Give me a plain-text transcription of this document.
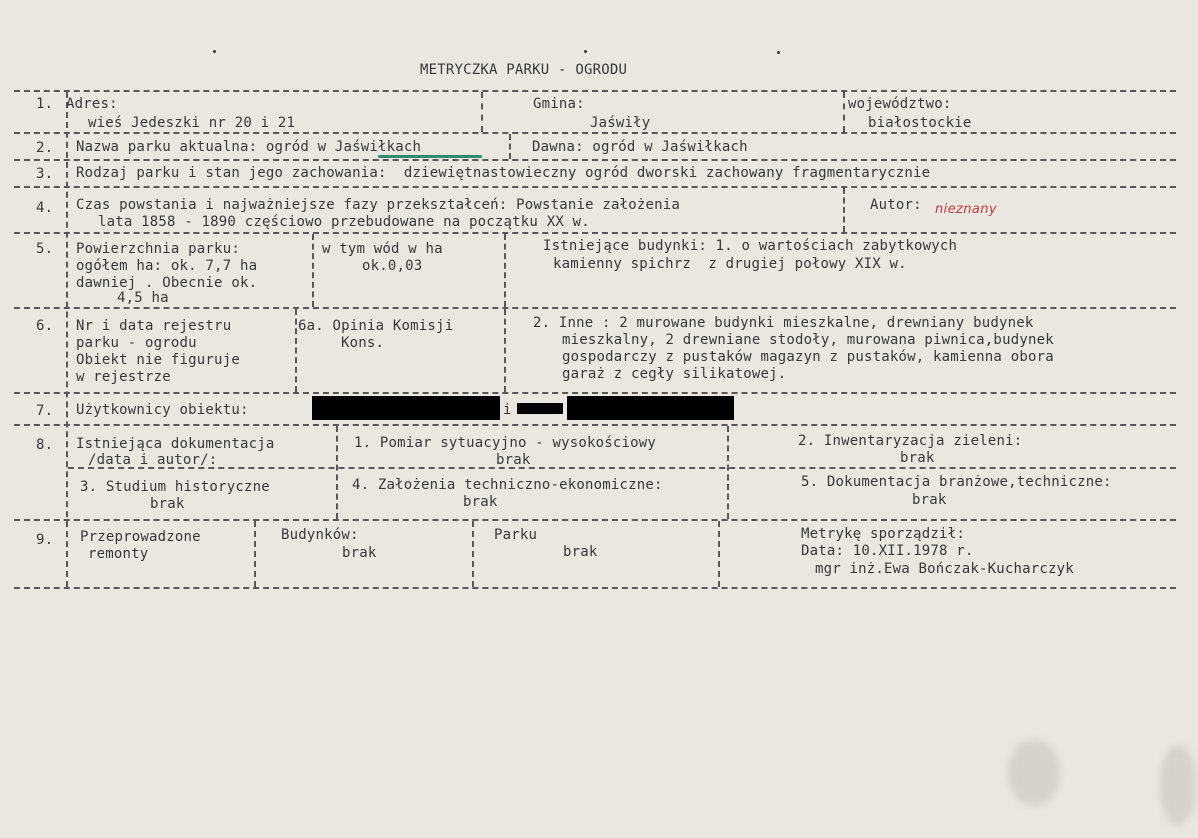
METRYCZKA PARKU - OGRODU
1. Adres:
wieś Jedeszki nr 20 i 21
Gmina:
Jaświły
województwo:
białostockie
2. Nazwa parku aktualna: ogród w Jaświłkach	Dawna: ogród w Jaświłkach
3. Rodzaj parku i stan jego zachowania:  dziewiętnastowieczny ogród dworski zachowany fragmentarycznie
4. Czas powstania i najważniejsze fazy przekształceń: Powstanie założenia
lata 1858 - 1890 częściowo przebudowane na początku XX w.
Autor: nieznany
5. Powierzchnia parku:
ogółem ha: ok. 7,7 ha
dawniej . Obecnie ok.
4,5 ha
w tym wód w ha
ok.0,03
Istniejące budynki: 1. o wartościach zabytkowych
kamienny spichrz  z drugiej połowy XIX w.
6. Nr i data rejestru
parku - ogrodu
Obiekt nie figuruje
w rejestrze
6a. Opinia Komisji
Kons.
2. Inne : 2 murowane budynki mieszkalne, drewniany budynek
mieszkalny, 2 drewniane stodoły, murowana piwnica,budynek
gospodarczy z pustaków magazyn z pustaków, kamienna obora
garaż z cegły silikatowej.
7. Użytkownicy obiektu:	i
8. Istniejąca dokumentacja
/data i autor/:
1. Pomiar sytuacyjno - wysokościowy
brak
2. Inwentaryzacja zieleni:
brak
3. Studium historyczne
brak
4. Założenia techniczno-ekonomiczne:
brak
5. Dokumentacja branżowe,techniczne:
brak
9. Przeprowadzone
remonty
Budynków:
brak
Parku
brak
Metrykę sporządził:
Data: 10.XII.1978 r.
mgr inż.Ewa Bończak-Kucharczyk
